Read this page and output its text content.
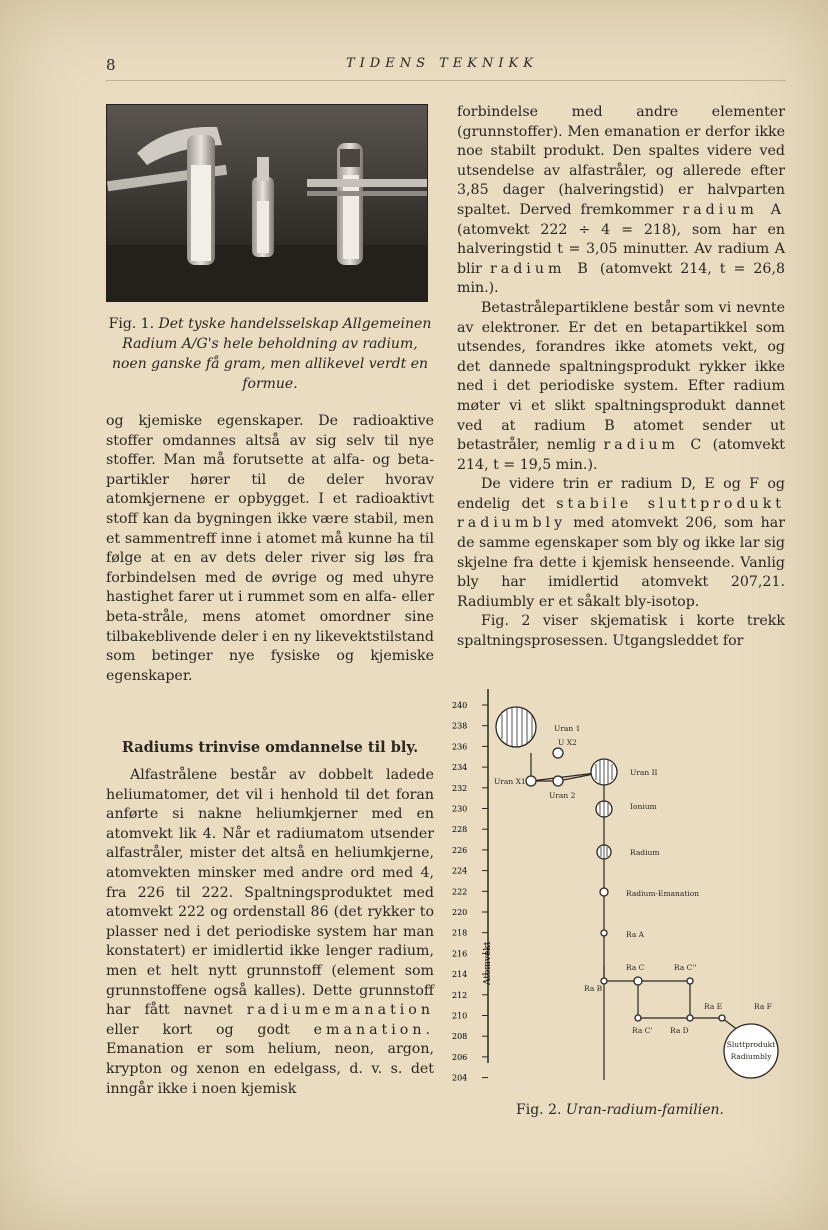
8	TIDENS TEKNIKK
Fig. 1. Det tyske handelsselskap Allgemeinen Radium A/G's hele beholdning av radium, noen ganske få gram, men allikevel verdt en formue.

og kjemiske egenskaper. De radioaktive stoffer omdannes altså av sig selv til nye stoffer. Man må forutsette at alfa- og beta-partikler hører til de deler hvorav atomkjernene er opbygget. I et radioaktivt stoff kan da bygningen ikke være stabil, men et sammentreff inne i atomet må kunne ha til følge at en av dets deler river sig løs fra forbindelsen med de øvrige og med uhyre hastighet farer ut i rummet som en alfa- eller beta-stråle, mens atomet omordner sine tilbakeblivende deler i en ny likevektstilstand som betinger nye fysiske og kjemiske egenskaper.

Radiums trinvise omdannelse til bly.

Alfastrålene består av dobbelt ladede heliumatomer, det vil i henhold til det foran anførte si nakne heliumkjerner med en atomvekt lik 4. Når et radiumatom utsender alfastråler, mister det altså en heliumkjerne, atomvekten minsker med andre ord med 4, fra 226 til 222. Spaltningsproduktet med atomvekt 222 og ordenstall 86 (det rykker to plasser ned i det periodiske system har man konstatert) er imidlertid ikke lenger radium, men et helt nytt grunnstoff (element som grunnstoffene også kalles). Dette grunnstoff har fått navnet radiumemanation eller kort og godt emanation. Emanation er som helium, neon, argon, krypton og xenon en edelgass, d. v. s. det inngår ikke i noen kjemisk

forbindelse med andre elementer (grunnstoffer). Men emanation er derfor ikke noe stabilt produkt. Den spaltes videre ved utsendelse av alfastråler, og allerede efter 3,85 dager (halveringstid) er halvparten spaltet. Derved fremkommer radium A (atomvekt 222 ÷ 4 = 218), som har en halveringstid t = 3,05 minutter. Av radium A blir radium B (atomvekt 214, t = 26,8 min.).

Betastrålepartiklene består som vi nevnte av elektroner. Er det en betapartikkel som utsendes, forandres ikke atomets vekt, og det dannede spaltningsprodukt rykker ikke ned i det periodiske system. Efter radium møter vi et slikt spaltningsprodukt dannet ved at radium B atomet sender ut betastråler, nemlig radium C (atomvekt 214, t = 19,5 min.).

De videre trin er radium D, E og F og endelig det stabile sluttprodukt radiumbly med atomvekt 206, som har de samme egenskaper som bly og ikke lar sig skjelne fra dette i kjemisk henseende. Vanlig bly har imidlertid atomvekt 207,21. Radiumbly er et såkalt bly-isotop.

Fig. 2 viser skjematisk i korte trekk spaltningsprosessen. Utgangsleddet for

240
238
236
234
232
230
228
226
224
222
220
218
216
214
212
210
208
206
204
Atomvekt
Uran 1
U X2
Uran X1
Uran 2
Uran II
Ionium
Radium
Radium-Emanation
Ra A
Ra B
Ra C	Ra C''
Ra C' Ra D
Ra E	Ra F
Sluttprodukt
Radiumbly
Fig. 2. Uran-radium-familien.
